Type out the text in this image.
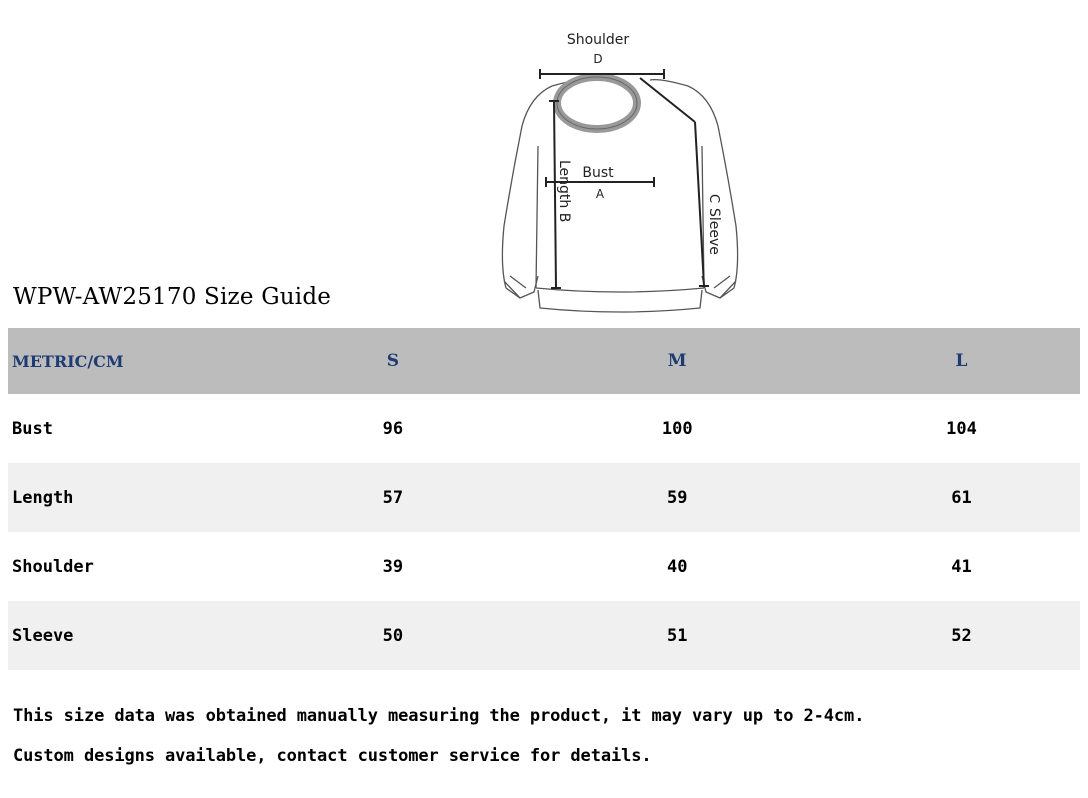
Shoulder
D
C
Sleeve
Length B Bust
A
WPW-AW25170 Size Guide
METRIC/CM	S	M	L
Bust	96	100	104
Length	57	59	61
Shoulder	39	40	41
Sleeve	50	51	52
This size data was obtained manually measuring the product, it may vary up to 2-4cm.
Custom designs available, contact customer service for details.
